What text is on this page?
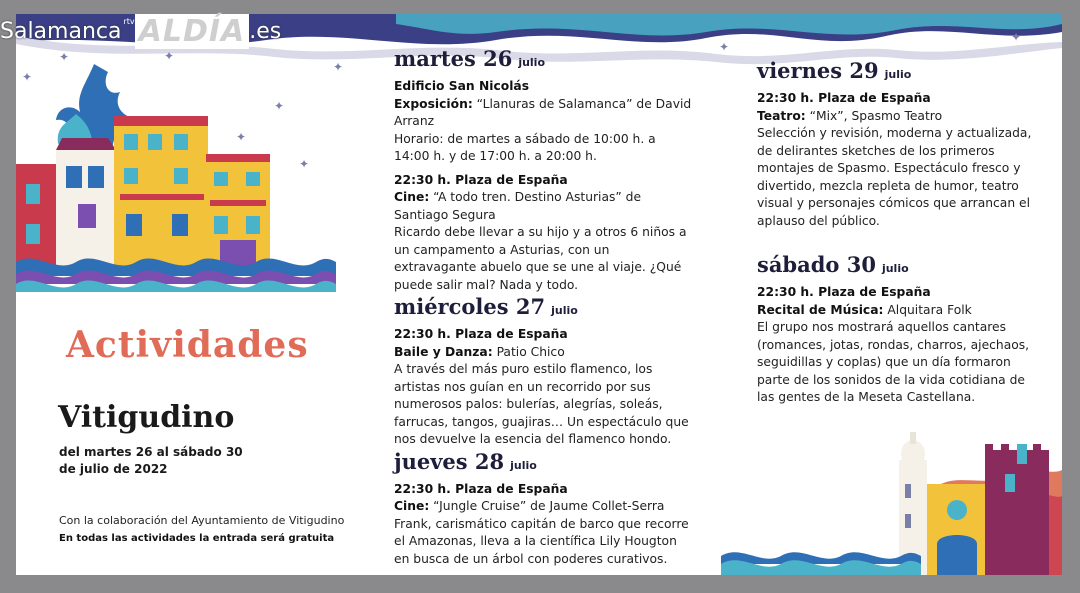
Salamanca rtv ALDÍA .es
✦
✦	✦
✦
✦
✦
✦
✦
✦
Actividades
Vitigudino

del martes 26 al sábado 30

de julio de 2022

Con la colaboración del Ayuntamiento de Vitigudino
En todas las actividades la entrada será gratuita
martes 26 julio

Edificio San Nicolás

Exposición: “Llanuras de Salamanca” de David Arranz

Horario: de martes a sábado de 10:00 h. a 14:00 h. y de 17:00 h. a 20:00 h.

22:30 h. Plaza de España

Cine: “A todo tren. Destino Asturias” de Santiago Segura

Ricardo debe llevar a su hijo y a otros 6 niños a un campamento a Asturias, con un extravagante abuelo que se une al viaje. ¿Qué puede salir mal? Nada y todo.

miércoles 27 julio

22:30 h. Plaza de España

Baile y Danza: Patio Chico

A través del más puro estilo flamenco, los artistas nos guían en un recorrido por sus numerosos palos: bulerías, alegrías, soleás, farrucas, tangos, guajiras… Un espectáculo que nos devuelve la esencia del flamenco hondo.

jueves 28 julio

22:30 h. Plaza de España

Cine: “Jungle Cruise” de Jaume Collet-Serra

Frank, carismático capitán de barco que recorre el Amazonas, lleva a la científica Lily Hougton en busca de un árbol con poderes curativos.

viernes 29 julio

22:30 h. Plaza de España

Teatro: “Mix”, Spasmo Teatro

Selección y revisión, moderna y actualizada, de delirantes sketches de los primeros montajes de Spasmo. Espectáculo fresco y divertido, mezcla repleta de humor, teatro visual y personajes cómicos que arrancan el aplauso del público.

sábado 30 julio

22:30 h. Plaza de España

Recital de Música: Alquitara Folk

El grupo nos mostrará aquellos cantares (romances, jotas, rondas, charros, ajechaos, seguidillas y coplas) que un día formaron parte de los sonidos de la vida cotidiana de las gentes de la Meseta Castellana.
